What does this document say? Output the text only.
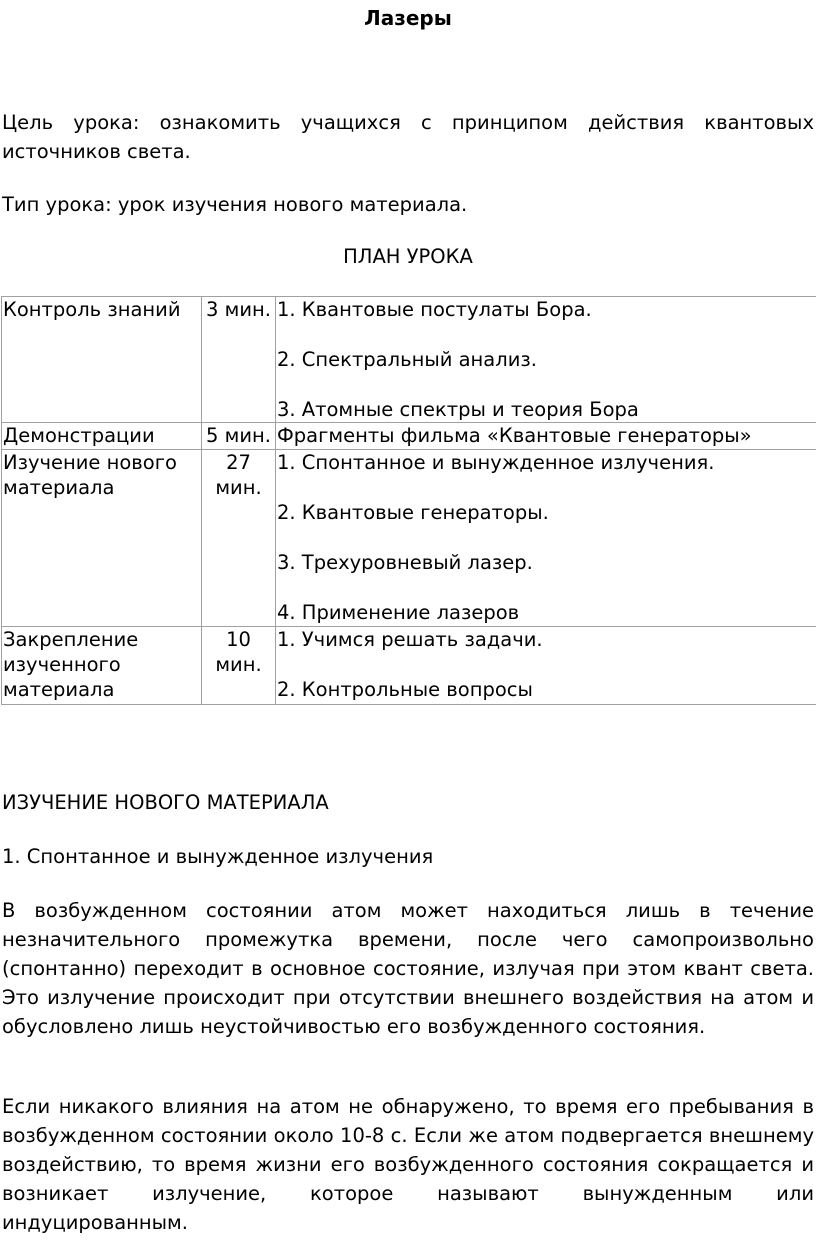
Лазеры

Цель урока: ознакомить учащихся с принципом действия квантовых источников света.

Тип урока: урок изучения нового материала.

ПЛАН УРОКА
Контроль знаний	3 мин.	1. Квантовые постулаты Бора.
2. Спектральный анализ.
3. Атомные спектры и теория Бора

Демонстрации	5 мин.	Фрагменты фильма «Квантовые генераторы»

Изучение нового материала	27 мин.	1. Спонтанное и вынужденное излучения.
2. Квантовые генераторы.
3. Трехуровневый лазер.
4. Применение лазеров

Закрепление изученного материала	10 мин.	1. Учимся решать задачи.
2. Контрольные вопросы
ИЗУЧЕНИЕ НОВОГО МАТЕРИАЛА
1. Спонтанное и вынужденное излучения

В возбужденном состоянии атом может находиться лишь в течение незначительного промежутка времени, после чего самопроизвольно (спонтанно) переходит в основное состояние, излучая при этом квант света. Это излучение происходит при отсутствии внешнего воздействия на атом и обусловлено лишь неустойчивостью его возбужденного состояния.

Если никакого влияния на атом не обнаружено, то время его пребывания в возбужденном состоянии около 10-8 с. Если же атом подвергается внешнему воздействию, то время жизни его возбужденного состояния сокращается и возникает излучение, которое называют вынужденным или индуцированным.
